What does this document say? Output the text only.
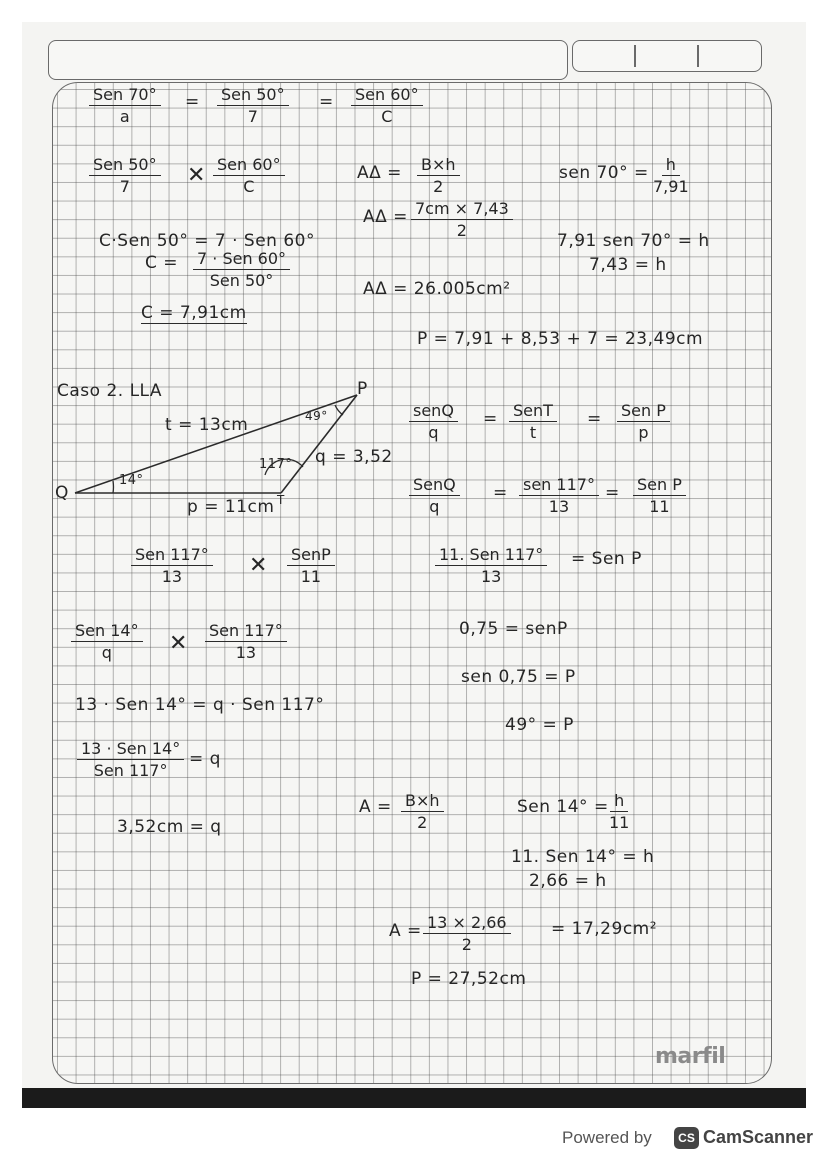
Sen 70°
a
= Sen 50°
7
= Sen 60°
C
Sen 50°
7	✕ Sen 60°
C
C·Sen 50° = 7 · Sen 60°
C = 7 · Sen 60°
Sen 50°
C = 7,91cm
$A\Delta = \frac{B\times h}{2}$
$A\Delta = \frac{7cm \times 7,43}{2}$
AΔ = 26.005cm²
sen $70^\circ = \frac{h}{7,91}$
7,91 sen 70° = h
7,43 = h
P = 7,91 + 8,53 + 7 = 23,49cm
Caso 2. LLA
Q
P
T
t = 13cm
p = 11cm
q = 3,52
14°
49°
117°
senQ
q
= SenT
t
= Sen P
p
SenQ
q
= sen 117°
13
= Sen P
11
Sen 117°
13	✕ SenP
11
11. Sen 117°
13
= Sen P
0,75 = senP
sen 0,75 = P
49° = P
Sen 14°
q	✕
Sen 117°
13
13 · Sen 14° = q · Sen 117°
13 · Sen 14°
Sen 117°
= q
3,52cm = q
$A = \frac{B\times h}{2}$	Sen $14^\circ = \frac{h}{11}$
11. Sen 14° = h
2,66 = h
$A = \frac{13 \times 2,66}{2} = 17,29cm^2$
P = 27,52cm
marfil
Powered by	CS CamScanner
